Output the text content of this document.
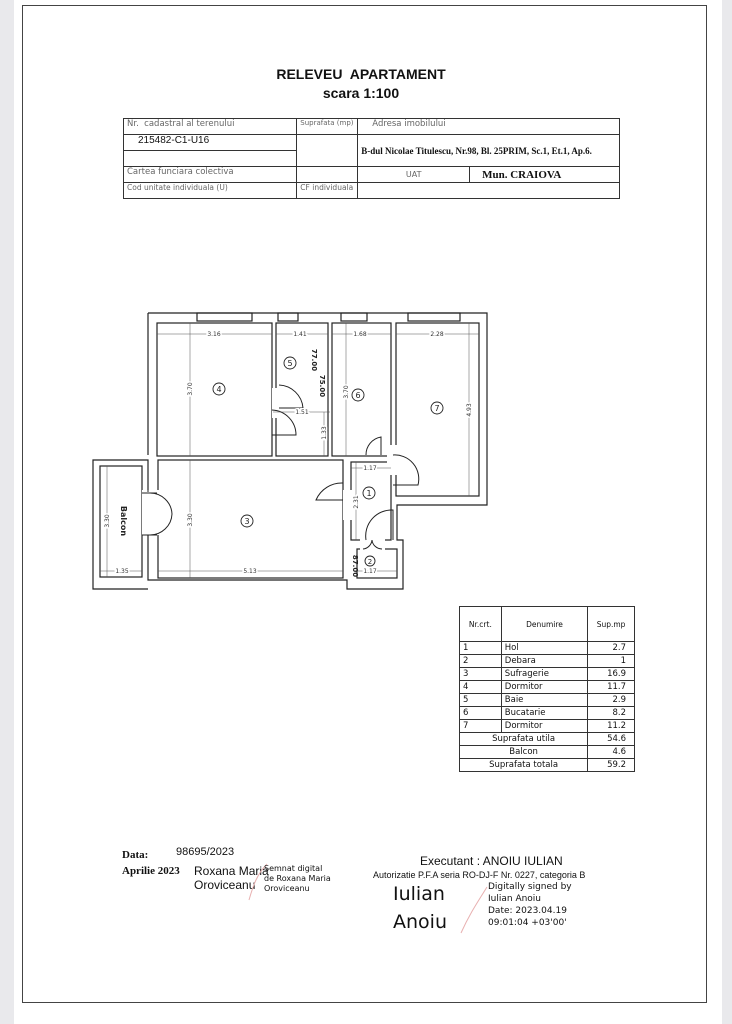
RELEVEU  APARTAMENT
scara 1:100
Nr.  cadastral al terenului	Suprafata (mp)	Adresa imobilului	
215482-C1-U16		B-dul Nicolae Titulescu, Nr.98, Bl. 25PRIM, Sc.1, Et.1, Ap.6.	

Cartea funciara colectiva		UAT	Mun. CRAIOVA
Cod unitate individuala (U)	CF individuala		
3.16	1.41	1.68	2.28
1.51
1.17
1.17
5.13
1.35
3.70	3.70
1.33
4.93
2.31
3.30
3.30
77.00
75.00
87.00
4
5
6
7
3
1
2
Balcon
Nr.crt.	Denumire	Sup.mp
1	Hol	2.7
2	Debara	1
3	Sufragerie	16.9
4	Dormitor	11.7
5	Baie	2.9
6	Bucatarie	8.2
7	Dormitor	11.2
Suprafata utila		54.6
Balcon		4.6
Suprafata totala		59.2
Data:	98695/2023
Aprilie 2023 Roxana Maria
Oroviceanu
Semnat digital
de Roxana Maria
Oroviceanu
Executant : ANOIU IULIAN
Autorizatie P.F.A seria RO-DJ-F Nr. 0227, categoria B
Iulian
Anoiu
Digitally signed by
Iulian Anoiu
Date: 2023.04.19
09:01:04 +03'00'
